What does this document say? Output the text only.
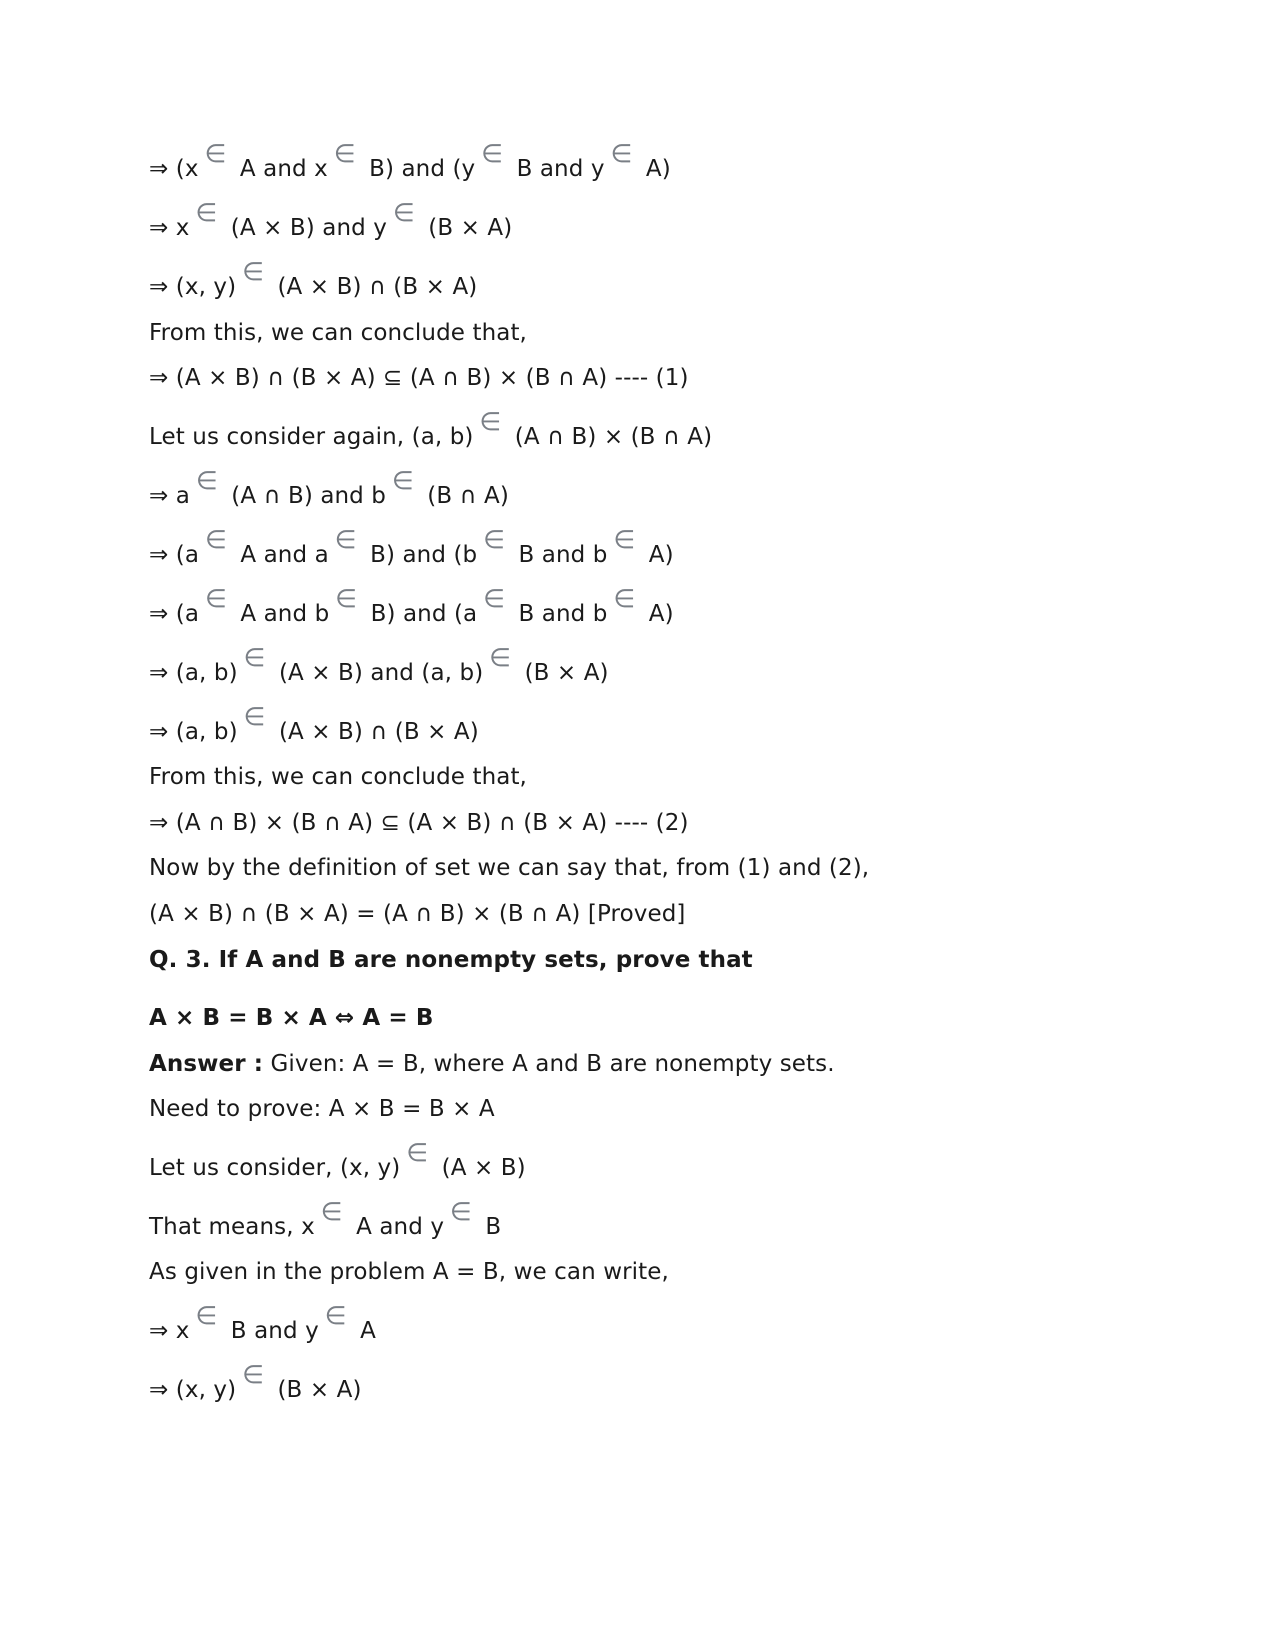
⇒ (x∈ A and x∈ B) and (y∈ B and y∈ A)
⇒ x∈ (A × B) and y∈ (B × A)
⇒ (x, y)∈ (A × B) ∩ (B × A)
From this, we can conclude that,
⇒ (A × B) ∩ (B × A) ⊆ (A ∩ B) × (B ∩ A) ---- (1)
Let us consider again, (a, b)∈ (A ∩ B) × (B ∩ A)
⇒ a∈ (A ∩ B) and b∈ (B ∩ A)
⇒ (a∈ A and a∈ B) and (b∈ B and b∈ A)
⇒ (a∈ A and b∈ B) and (a∈ B and b∈ A)
⇒ (a, b)∈ (A × B) and (a, b)∈ (B × A)
⇒ (a, b)∈ (A × B) ∩ (B × A)
From this, we can conclude that,
⇒ (A ∩ B) × (B ∩ A) ⊆ (A × B) ∩ (B × A) ---- (2)
Now by the definition of set we can say that, from (1) and (2),
(A × B) ∩ (B × A) = (A ∩ B) × (B ∩ A) [Proved]
Q. 3. If A and B are nonempty sets, prove that
A × B = B × A ⇔ A = B
Answer : Given: A = B, where A and B are nonempty sets.
Need to prove: A × B = B × A
Let us consider, (x, y)∈ (A × B)
That means, x∈ A and y∈ B
As given in the problem A = B, we can write,
⇒ x∈ B and y∈ A
⇒ (x, y)∈ (B × A)
